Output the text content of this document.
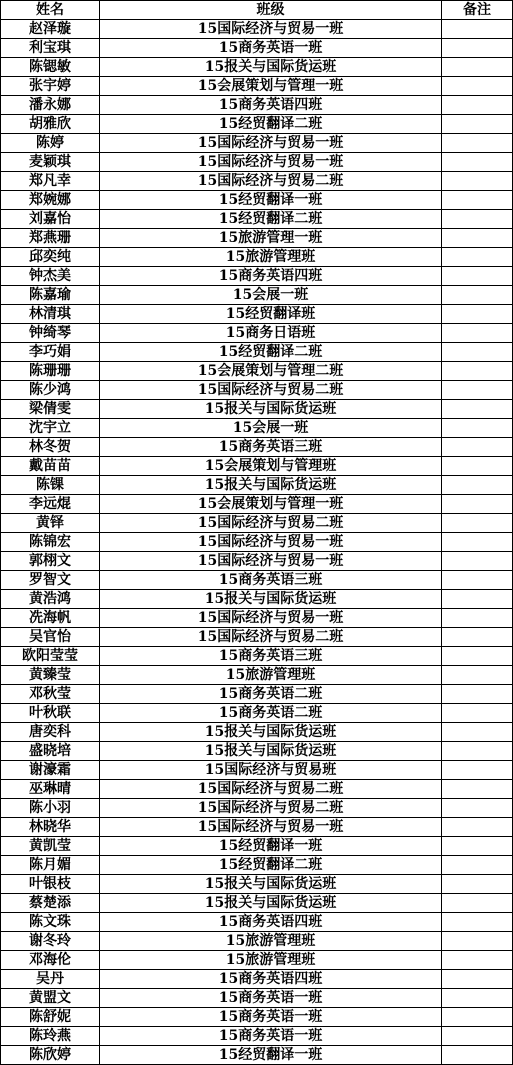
姓名	班级	备注
赵泽璇	15国际经济与贸易一班	
利宝琪	15商务英语一班	
陈锶敏	15报关与国际货运班	
张宇婷	15会展策划与管理一班	
潘永娜	15商务英语四班	
胡雅欣	15经贸翻译二班	
陈婷	15国际经济与贸易一班	
麦颖琪	15国际经济与贸易一班	
郑凡幸	15国际经济与贸易二班	
郑婉娜	15经贸翻译一班	
刘嘉怡	15经贸翻译二班	
郑燕珊	15旅游管理一班	
邱奕纯	15旅游管理班	
钟杰美	15商务英语四班	
陈嘉瑜	15会展一班	
林清琪	15经贸翻译班	
钟绮琴	15商务日语班	
李巧娟	15经贸翻译二班	
陈珊珊	15会展策划与管理二班	
陈少鸿	15国际经济与贸易二班	
梁倩雯	15报关与国际货运班	
沈宇立	15会展一班	
林冬贺	15商务英语三班	
戴苗苗	15会展策划与管理班	
陈锞	15报关与国际货运班	
李远焜	15会展策划与管理一班	
黄铎	15国际经济与贸易二班	
陈锦宏	15国际经济与贸易一班	
郭栩文	15国际经济与贸易一班	
罗智文	15商务英语三班	
黄浩鸿	15报关与国际货运班	
冼海帆	15国际经济与贸易一班	
吴官怡	15国际经济与贸易二班	
欧阳莹莹	15商务英语三班	
黄臻莹	15旅游管理班	
邓秋莹	15商务英语二班	
叶秋联	15商务英语二班	
唐奕科	15报关与国际货运班	
盛晓培	15报关与国际货运班	
谢濠霜	15国际经济与贸易班	
巫琳晴	15国际经济与贸易二班	
陈小羽	15国际经济与贸易二班	
林晓华	15国际经济与贸易一班	
黄凯莹	15经贸翻译一班	
陈月媚	15经贸翻译二班	
叶银枝	15报关与国际货运班	
蔡楚添	15报关与国际货运班	
陈文珠	15商务英语四班	
谢冬玲	15旅游管理班	
邓海伦	15旅游管理班	
吴丹	15商务英语四班	
黄盟文	15商务英语一班	
陈舒妮	15商务英语一班	
陈玲燕	15商务英语一班	
陈欣婷	15经贸翻译一班	
